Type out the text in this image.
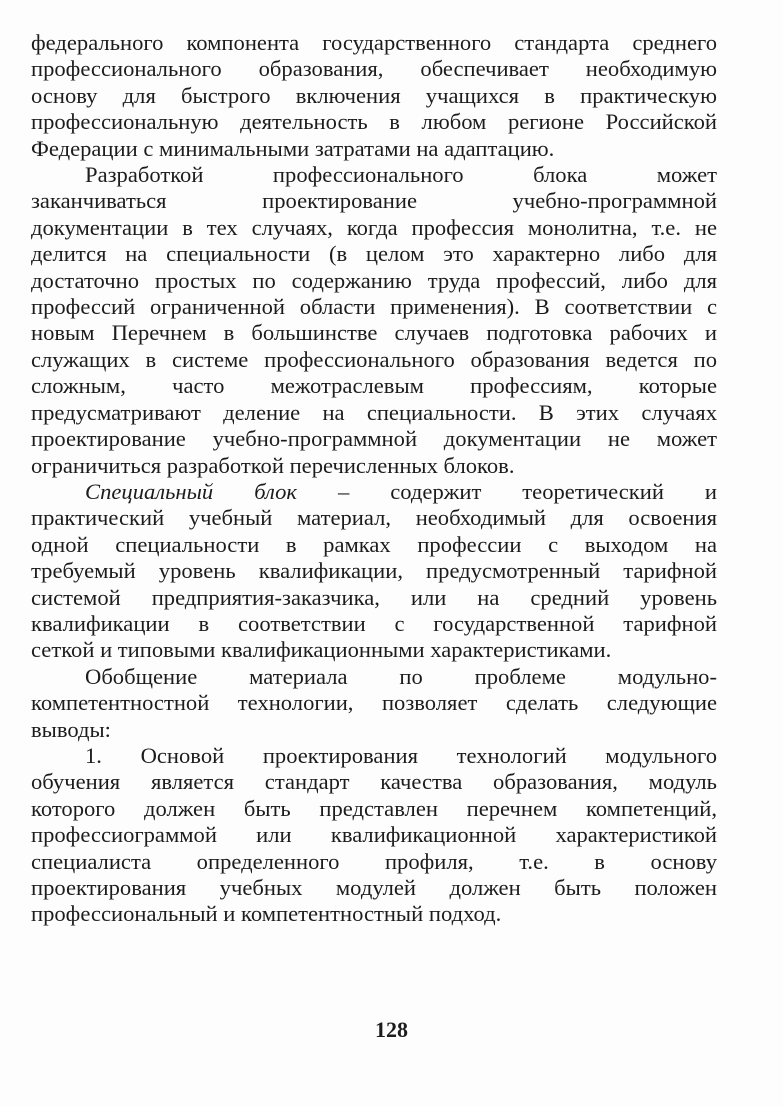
федерального компонента государственного стандарта среднего
профессионального образования, обеспечивает необходимую
основу для быстрого включения учащихся в практическую
профессиональную деятельность в любом регионе Российской
Федерации с минимальными затратами на адаптацию.

Разработкой профессионального блока может
заканчиваться проектирование учебно-программной
документации в тех случаях, когда профессия монолитна, т.е. не
делится на специальности (в целом это характерно либо для
достаточно простых по содержанию труда профессий, либо для
профессий ограниченной области применения). В соответствии с
новым Перечнем в большинстве случаев подготовка рабочих и
служащих в системе профессионального образования ведется по
сложным, часто межотраслевым профессиям, которые
предусматривают деление на специальности. В этих случаях
проектирование учебно-программной документации не может
ограничиться разработкой перечисленных блоков.

Специальный блок – содержит теоретический и
практический учебный материал, необходимый для освоения
одной специальности в рамках профессии с выходом на
требуемый уровень квалификации, предусмотренный тарифной
системой предприятия-заказчика, или на средний уровень
квалификации в соответствии с государственной тарифной
сеткой и типовыми квалификационными характеристиками.

Обобщение материала по проблеме модульно-
компетентностной технологии, позволяет сделать следующие
выводы:

1. Основой проектирования технологий модульного
обучения является стандарт качества образования, модуль
которого должен быть представлен перечнем компетенций,
профессиограммой или квалификационной характеристикой
специалиста определенного профиля, т.е. в основу
проектирования учебных модулей должен быть положен
профессиональный и компетентностный подход.

128
